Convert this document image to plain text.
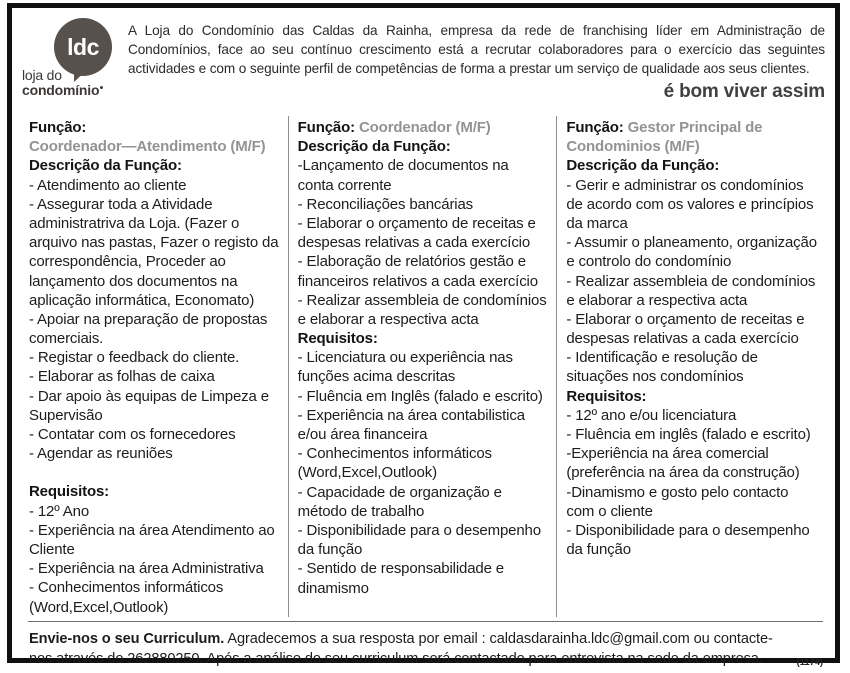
ldc
loja do
condomínio●
A Loja do Condomínio das Caldas da Rainha, empresa da rede de franchising líder em Administração de Condomínios, face ao seu contínuo crescimento está a recrutar colaboradores para o exercício das seguintes actividades e com o seguinte perfil de competências de forma a prestar um serviço de qualidade aos seus clientes.
é bom viver assim
Função:
Coordenador—Atendimento (M/F)
Descrição da Função:
- Atendimento ao cliente
- Assegurar toda a Atividade administratriva da Loja. (Fazer o arquivo nas pastas, Fazer o registo da correspondência, Proceder ao lançamento dos documentos na aplicação informática, Economato)
- Apoiar na preparação de propostas comerciais.
- Registar o feedback do cliente.
- Elaborar as folhas de caixa
- Dar apoio às equipas de Limpeza e Supervisão
- Contatar com os fornecedores
- Agendar as reuniões
Requisitos:
- 12º Ano
- Experiência na área Atendimento ao Cliente
- Experiência na área Administrativa
- Conhecimentos informáticos (Word,Excel,Outlook)
Função: Coordenador (M/F)
Descrição da Função:
-Lançamento de documentos na conta corrente
- Reconciliações bancárias
- Elaborar o orçamento de receitas e despesas relativas a cada exercício
- Elaboração de relatórios gestão e financeiros relativos a cada exercício
- Realizar assembleia de condomínios e elaborar a respectiva acta
Requisitos:
- Licenciatura ou experiência nas funções acima descritas
- Fluência em Inglês (falado e escrito)
- Experiência na área contabilistica e/ou área financeira
- Conhecimentos informáticos (Word,Excel,Outlook)
- Capacidade de organização e método de trabalho
- Disponibilidade para o desempenho da função
- Sentido de responsabilidade e dinamismo
Função: Gestor Principal de Condominios (M/F)
Descrição da Função:
- Gerir e administrar os condomínios de acordo com os valores e princípios da marca
- Assumir o planeamento, organização e controlo do condomínio
- Realizar assembleia de condomínios e elaborar a respectiva acta
- Elaborar o orçamento de receitas e despesas relativas a cada exercício
- Identificação e resolução de situações nos condomínios
Requisitos:
- 12º ano e/ou licenciatura
- Fluência em inglês (falado e escrito)
-Experiência na área comercial (preferência na área da construção)
-Dinamismo e gosto pelo contacto com o cliente
- Disponibilidade para o desempenho da função
Envie-nos o seu Curriculum. Agradecemos a sua resposta por email : caldasdarainha.ldc@gmail.com ou contacte-nos através do 262880250. Após a análise do seu curriculum será contactado para entrevista na sede da empresa.	(1174)
